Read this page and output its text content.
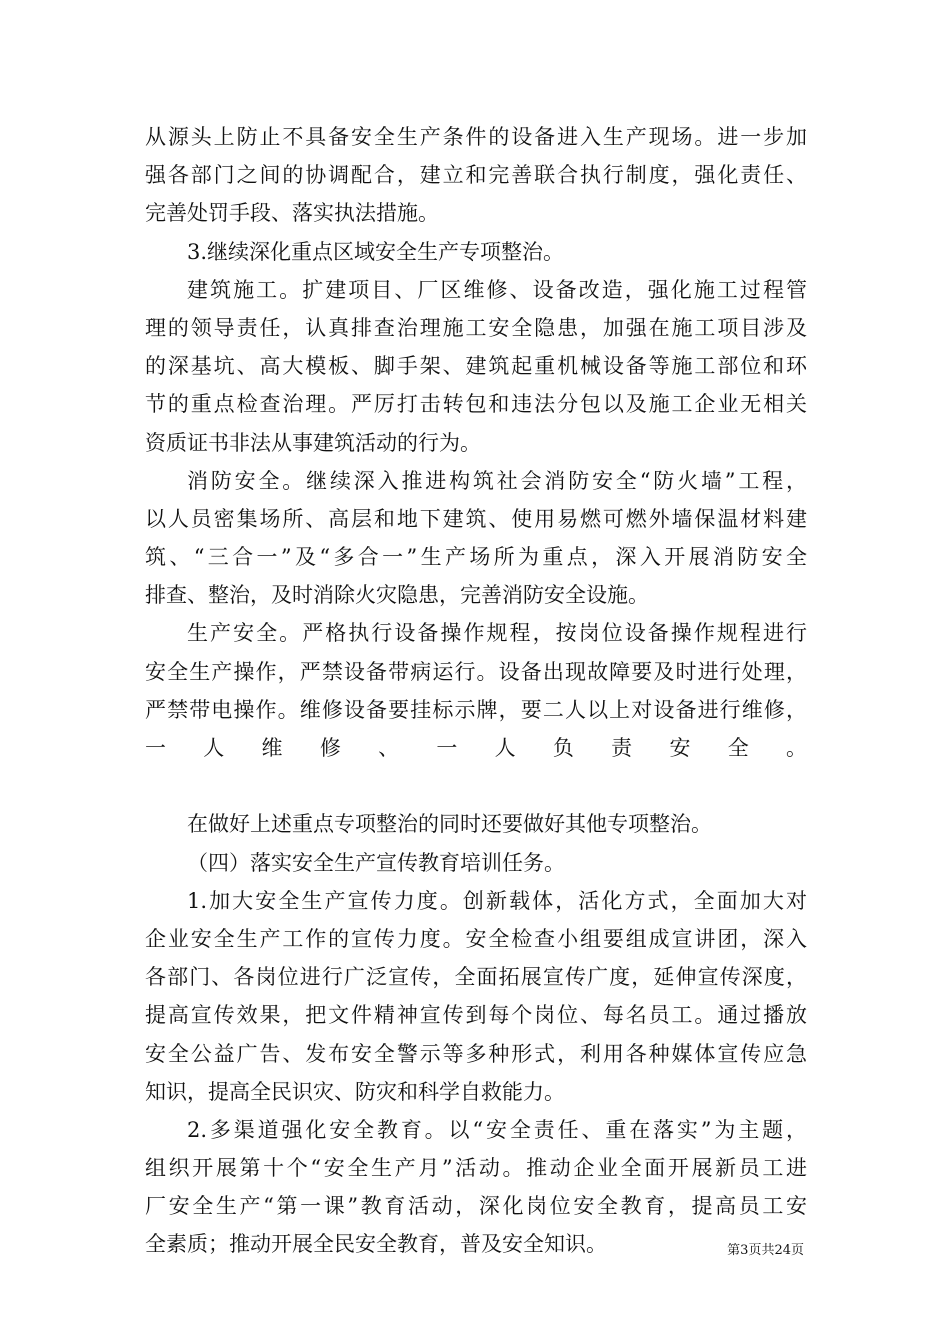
从源头上防止不具备安全生产条件的设备进入生产现场。进一步加
强各部门之间的协调配合，建立和完善联合执行制度，强化责任、
完善处罚手段、落实执法措施。
3.继续深化重点区域安全生产专项整治。
建筑施工。扩建项目、厂区维修、设备改造，强化施工过程管
理的领导责任，认真排查治理施工安全隐患，加强在施工项目涉及
的深基坑、高大模板、脚手架、建筑起重机械设备等施工部位和环
节的重点检查治理。严厉打击转包和违法分包以及施工企业无相关
资质证书非法从事建筑活动的行为。
消防安全。继续深入推进构筑社会消防安全“防火墙”工程，
以人员密集场所、高层和地下建筑、使用易燃可燃外墙保温材料建
筑、“三合一”及“多合一”生产场所为重点，深入开展消防安全
排查、整治，及时消除火灾隐患，完善消防安全设施。
生产安全。严格执行设备操作规程，按岗位设备操作规程进行
安全生产操作，严禁设备带病运行。设备出现故障要及时进行处理，
严禁带电操作。维修设备要挂标示牌，要二人以上对设备进行维修，
一人维修、一人负责安全。
在做好上述重点专项整治的同时还要做好其他专项整治。
（四）落实安全生产宣传教育培训任务。
1.加大安全生产宣传力度。创新载体，活化方式，全面加大对
企业安全生产工作的宣传力度。安全检查小组要组成宣讲团，深入
各部门、各岗位进行广泛宣传，全面拓展宣传广度，延伸宣传深度，
提高宣传效果，把文件精神宣传到每个岗位、每名员工。通过播放
安全公益广告、发布安全警示等多种形式，利用各种媒体宣传应急
知识，提高全民识灾、防灾和科学自救能力。
2.多渠道强化安全教育。以“安全责任、重在落实”为主题，
组织开展第十个“安全生产月”活动。推动企业全面开展新员工进
厂安全生产“第一课”教育活动，深化岗位安全教育，提高员工安
全素质；推动开展全民安全教育，普及安全知识。	第3页共24页
